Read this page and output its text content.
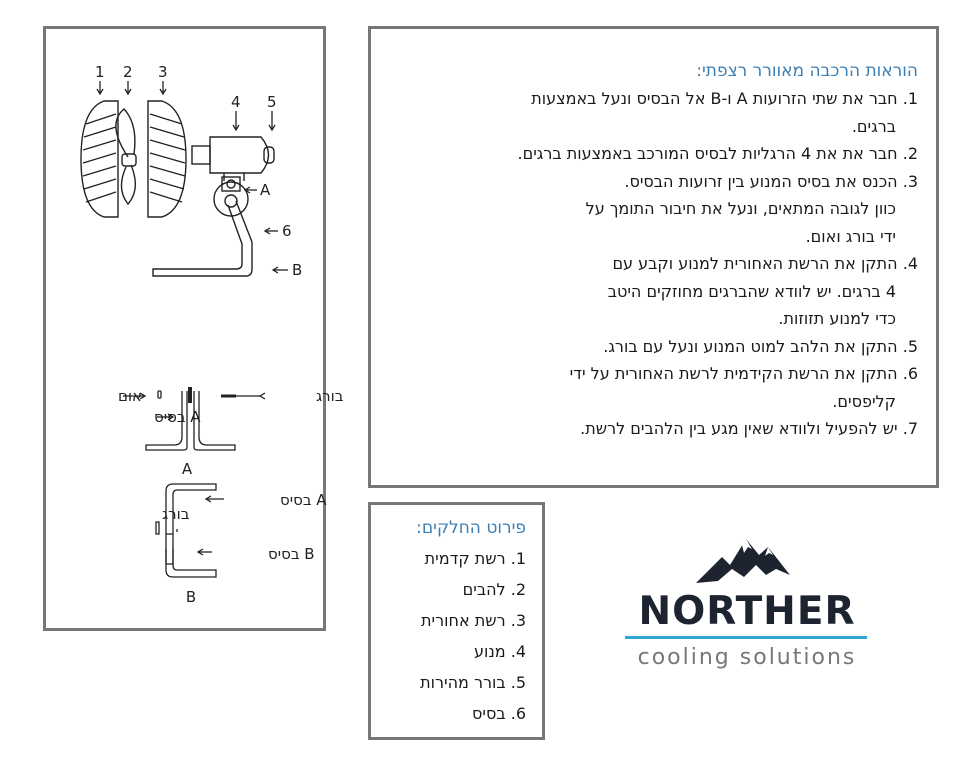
1 2 3
4 5
A
6
B
אום	בורג
A בסיס
A
A בסיס
בורג
B בסיס
B
הוראות הרכבה מאוורר רצפתי:
1. חבר את שתי הזרועות A ו-B אל הבסיס ונעל באמצעות
ברגים.
2. חבר את את 4 הרגליות לבסיס המורכב באמצעות ברגים.
3. הכנס את בסיס המנוע בין זרועות הבסיס.
כוון לגובה המתאים, ונעל את חיבור התומך על
ידי בורג ואום.
4. התקן את הרשת האחורית למנוע וקבע עם
4 ברגים. יש לוודא שהברגים מחוזקים היטב
כדי למנוע תזוזות.
5. התקן את הלהב למוט המנוע ונעל עם בורג.
6. התקן את הרשת הקידמית לרשת האחורית על ידי
קליפסים.
7. יש להפעיל ולוודא שאין מגע בין הלהבים לרשת.
פירוט החלקים:
1. רשת קדמית
2. להבים
3. רשת אחורית
4. מנוע
5. בורר מהירות
6. בסיס
NORTHER
cooling solutions
